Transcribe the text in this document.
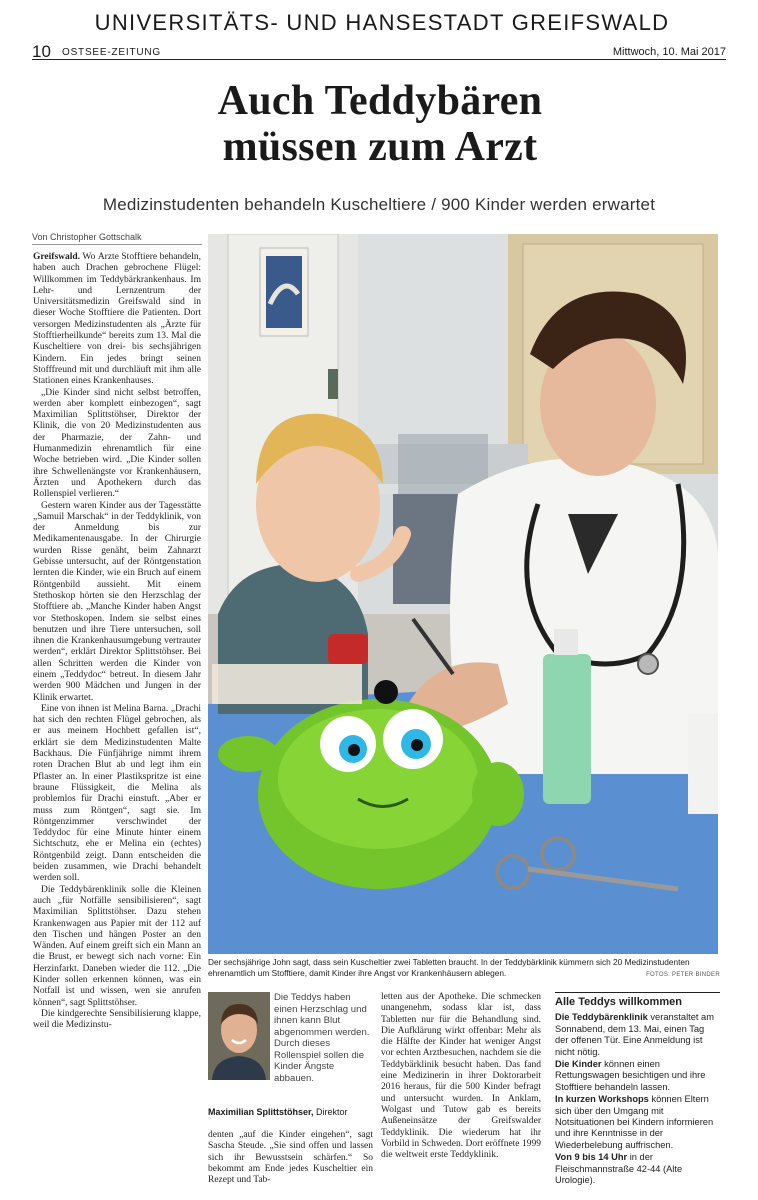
UNIVERSITÄTS- UND HANSESTADT GREIFSWALD
10 OSTSEE-ZEITUNG	Mittwoch, 10. Mai 2017
Auch Teddybären
müssen zum Arzt
Medizinstudenten behandeln Kuscheltiere / 900 Kinder werden erwartet
Von Christopher Gottschalk

Greifswald. Wo Ärzte Stofftiere behandeln, haben auch Drachen gebrochene Flügel: Willkommen im Teddybärkrankenhaus. Im Lehr- und Lernzentrum der Universitätsmedizin Greifswald sind in dieser Woche Stofftiere die Patienten. Dort versorgen Medizinstudenten als „Ärzte für Stofftierheilkunde“ bereits zum 13. Mal die Kuscheltiere von drei- bis sechsjährigen Kindern. Ein jedes bringt seinen Stofffreund mit und durchläuft mit ihm alle Stationen eines Krankenhauses.

„Die Kinder sind nicht selbst betroffen, werden aber komplett einbezogen“, sagt Maximilian Splittstöhser, Direktor der Klinik, die von 20 Medizinstudenten aus der Pharmazie, der Zahn- und Humanmedizin ehrenamtlich für eine Woche betrieben wird. „Die Kinder sollen ihre Schwellenängste vor Krankenhäusern, Ärzten und Apothekern durch das Rollenspiel verlieren.“

Gestern waren Kinder aus der Tagesstätte „Samuil Marschak“ in der Teddyklinik, von der Anmeldung bis zur Medikamentenausgabe. In der Chirurgie wurden Risse genäht, beim Zahnarzt Gebisse untersucht, auf der Röntgenstation lernten die Kinder, wie ein Bruch auf einem Röntgenbild aussieht. Mit einem Stethoskop hörten sie den Herzschlag der Stofftiere ab. „Manche Kinder haben Angst vor Stethoskopen. Indem sie selbst eines benutzen und ihre Tiere untersuchen, soll ihnen die Krankenhausumgebung vertrauter werden“, erklärt Direktor Splittstöhser. Bei allen Schritten werden die Kinder von einem „Teddydoc“ betreut. In diesem Jahr werden 900 Mädchen und Jungen in der Klinik erwartet.

Eine von ihnen ist Melina Barna. „Drachi hat sich den rechten Flügel gebrochen, als er aus meinem Hochbett gefallen ist“, erklärt sie dem Medizinstudenten Malte Backhaus. Die Fünfjährige nimmt ihrem roten Drachen Blut ab und legt ihm ein Pflaster an. In einer Plastikspritze ist eine braune Flüssigkeit, die Melina als problemlos für Drachi einstuft. „Aber er muss zum Röntgen“, sagt sie. Im Röntgenzimmer verschwindet der Teddydoc für eine Minute hinter einem Sichtschutz, ehe er Melina ein (echtes) Röntgenbild zeigt. Dann entscheiden die beiden zusammen, wie Drachi behandelt werden soll.

Die Teddybärenklinik solle die Kleinen auch „für Notfälle sensibilisieren“, sagt Maximilian Splittstöhser. Dazu stehen Krankenwagen aus Papier mit der 112 auf den Tischen und hängen Poster an den Wänden. Auf einem greift sich ein Mann an die Brust, er bewegt sich nach vorne: Ein Herzinfarkt. Daneben wieder die 112. „Die Kinder sollen erkennen können, was ein Notfall ist und wissen, wen sie anrufen können“, sagt Splittstöhser.

Die kindgerechte Sensibilisierung klappe, weil die Medizinstu-

Der sechsjährige John sagt, dass sein Kuscheltier zwei Tabletten braucht. In der Teddybärklinik kümmern sich 20 Medizinstudenten ehrenamtlich um Stofftiere, damit Kinder ihre Angst vor Krankenhäusern ablegen.	FOTOS: PETER BINDER
Die Teddys haben einen Herzschlag und ihnen kann Blut abgenommen werden. Durch dieses Rollenspiel sollen die Kinder Ängste abbauen.
Maximilian Splittstöhser, Direktor

denten „auf die Kinder eingehen“, sagt Sascha Steude. „Sie sind offen und lassen sich ihr Bewusstsein schärfen.“ So bekommt am Ende jedes Kuscheltier ein Rezept und Tab-

letten aus der Apotheke. Die schmecken unangenehm, sodass klar ist, dass Tabletten nur für die Behandlung sind. Die Aufklärung wirkt offenbar: Mehr als die Hälfte der Kinder hat weniger Angst vor echten Arztbesuchen, nachdem sie die Teddybärklinik besucht haben. Das fand eine Medizinerin in ihrer Doktorarbeit 2016 heraus, für die 500 Kinder befragt und untersucht wurden. In Anklam, Wolgast und Tutow gab es bereits Außeneinsätze der Greifswalder Teddyklinik. Die wiederum hat ihr Vorbild in Schweden. Dort eröffnete 1999 die weltweit erste Teddyklinik.

Alle Teddys willkommen

Die Teddybärenklinik veranstaltet am Sonnabend, dem 13. Mai, einen Tag der offenen Tür. Eine Anmeldung ist nicht nötig.

Die Kinder können einen Rettungswagen besichtigen und ihre Stofftiere behandeln lassen.

In kurzen Workshops können Eltern sich über den Umgang mit Notsituationen bei Kindern informieren und ihre Kenntnisse in der Wiederbelebung auffrischen.

Von 9 bis 14 Uhr in der Fleischmannstraße 42-44 (Alte Urologie).
